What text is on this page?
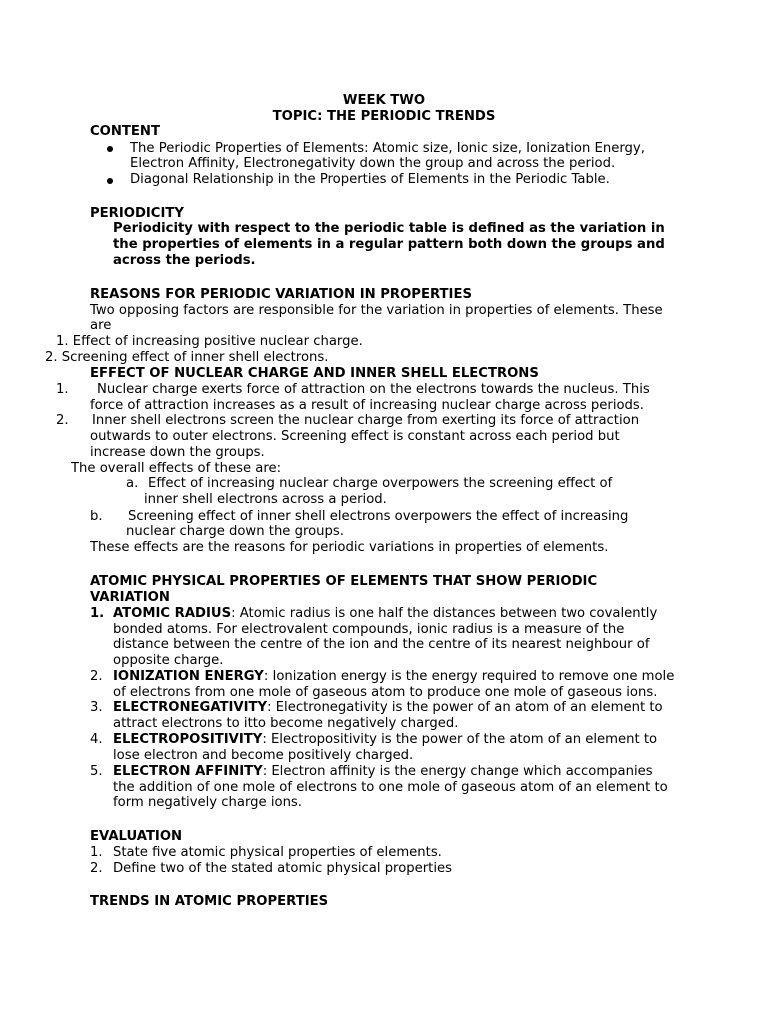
WEEK TWO
TOPIC: THE PERIODIC TRENDS
CONTENT
The Periodic Properties of Elements: Atomic size, Ionic size, Ionization Energy,
Electron Affinity, Electronegativity down the group and across the period.
Diagonal Relationship in the Properties of Elements in the Periodic Table.
PERIODICITY
Periodicity with respect to the periodic table is defined as the variation in
the properties of elements in a regular pattern both down the groups and
across the periods.
REASONS FOR PERIODIC VARIATION IN PROPERTIES
Two opposing factors are responsible for the variation in properties of elements. These
are
1. Effect of increasing positive nuclear charge.
2. Screening effect of inner shell electrons.
EFFECT OF NUCLEAR CHARGE AND INNER SHELL ELECTRONS
1. Nuclear charge exerts force of attraction on the electrons towards the nucleus. This
force of attraction increases as a result of increasing nuclear charge across periods.
2. Inner shell electrons screen the nuclear charge from exerting its force of attraction
outwards to outer electrons. Screening effect is constant across each period but
increase down the groups.
The overall effects of these are:
a. Effect of increasing nuclear charge overpowers the screening effect of
inner shell electrons across a period.
b. Screening effect of inner shell electrons overpowers the effect of increasing
nuclear charge down the groups.
These effects are the reasons for periodic variations in properties of elements.
ATOMIC PHYSICAL PROPERTIES OF ELEMENTS THAT SHOW PERIODIC
VARIATION
1. ATOMIC RADIUS: Atomic radius is one half the distances between two covalently
bonded atoms. For electrovalent compounds, ionic radius is a measure of the
distance between the centre of the ion and the centre of its nearest neighbour of
opposite charge.
2. IONIZATION ENERGY: Ionization energy is the energy required to remove one mole
of electrons from one mole of gaseous atom to produce one mole of gaseous ions.
3. ELECTRONEGATIVITY: Electronegativity is the power of an atom of an element to
attract electrons to itto become negatively charged.
4. ELECTROPOSITIVITY: Electropositivity is the power of the atom of an element to
lose electron and become positively charged.
5. ELECTRON AFFINITY: Electron affinity is the energy change which accompanies
the addition of one mole of electrons to one mole of gaseous atom of an element to
form negatively charge ions.
EVALUATION
1. State five atomic physical properties of elements.
2. Define two of the stated atomic physical properties
TRENDS IN ATOMIC PROPERTIES
